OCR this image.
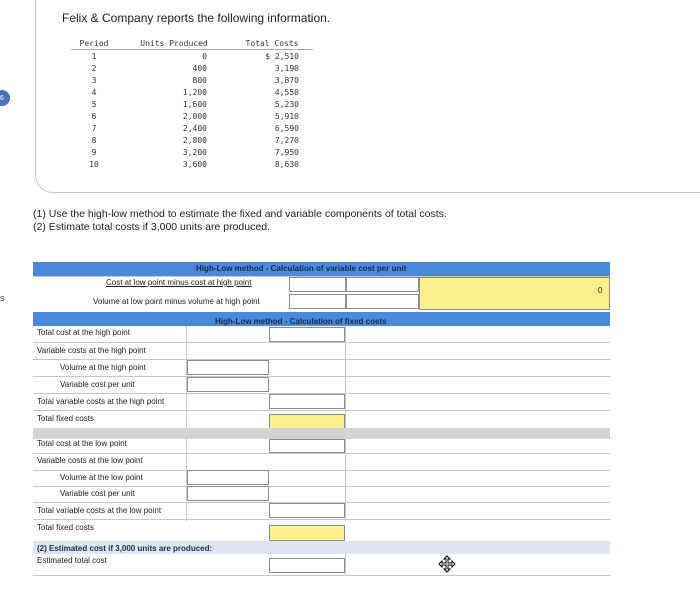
6
s
Felix & Company reports the following information.
Period	Units Produced	Total Costs
1	0	$ 2,510
2	400	3,190
3	800	3,870
4	1,200	4,550
5	1,600	5,230
6	2,000	5,910
7	2,400	6,590
8	2,800	7,270
9	3,200	7,950
10	3,600	8,630
(1) Use the high-low method to estimate the fixed and variable components of total costs.
(2) Estimate total costs if 3,000 units are produced.
High-Low method - Calculation of variable cost per unit
Cost at low point minus cost at high point
0
Volume at low point minus volume at high point
High-Low method - Calculation of fixed costs
Total cost at the high point
Variable costs at the high point
Volume at the high point
Variable cost per unit
Total variable costs at the high point
Total fixed costs
Total cost at the low point
Variable costs at the low point
Volume at the low point
Variable cost per unit
Total variable costs at the low point
Total fixed costs
(2) Estimated cost if 3,000 units are produced:
Estimated total cost
